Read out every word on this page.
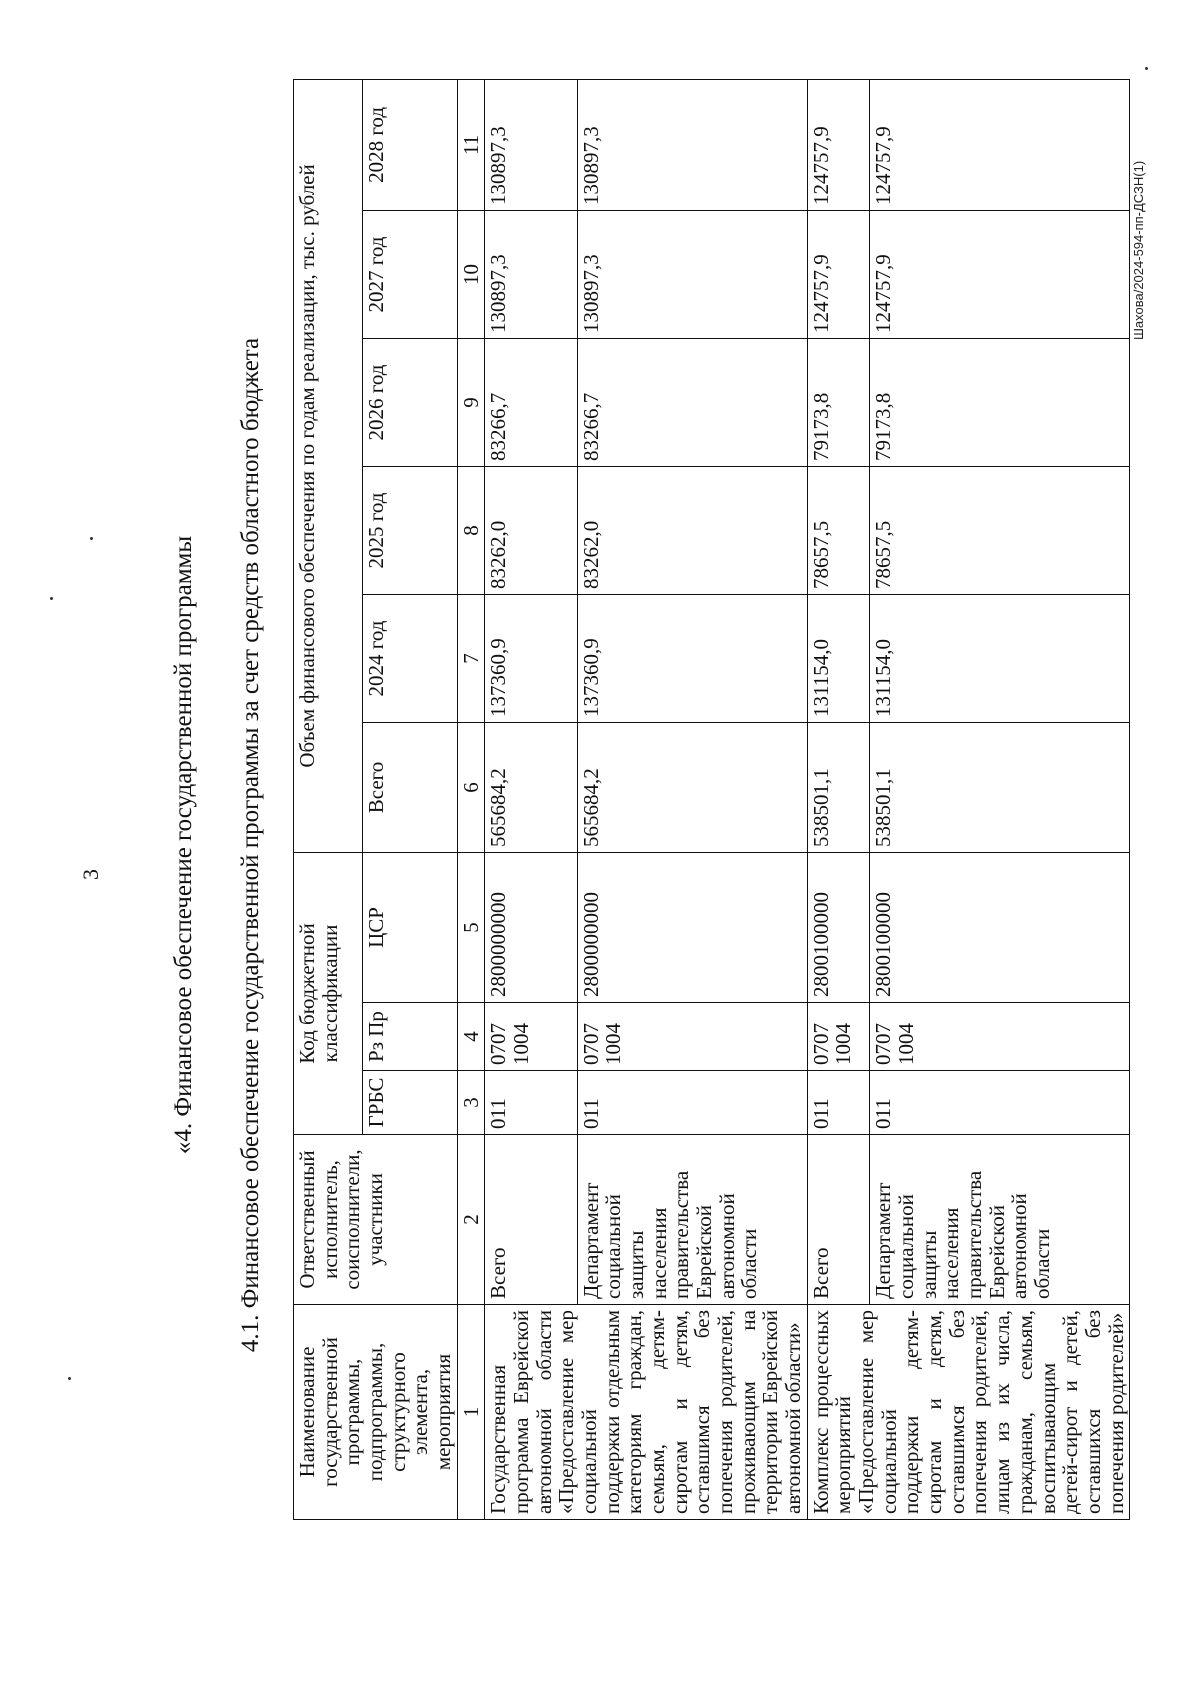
3	«4. Финансовое обеспечение государственной программы 4.1. Финансовое обеспечение государственной программы за счет средств областного бюджета
Наименование государственной программы, подпрограммы, структурного элемента, мероприятия	Ответственный исполнитель, соисполнители, участники	Код бюджетной классификации			Объем финансового обеспечения по годам реализации, тыс. рублей					
		ГРБС	Рз Пр	ЦСР	Всего	2024 год	2025 год	2026 год	2027 год	2028 год
1	2	3	4	5	6	7	8	9	10	11
Государственная программа Еврейской автономной области «Предоставление мер социальной поддержки отдельным категориям граждан, семьям, детям-сиротам и детям, оставшимся без попечения родителей, проживающим на территории Еврейской автономной области»	Всего	011	0707 1004	2800000000	565684,2	137360,9	83262,0	83266,7	130897,3	130897,3
	Департамент социальной защиты населения правительства Еврейской автономной области	011	0707 1004	2800000000	565684,2	137360,9	83262,0	83266,7	130897,3	130897,3
Комплекс процессных мероприятий «Предоставление мер социальной поддержки детям-сиротам и детям, оставшимся без попечения родителей, лицам из их числа, гражданам, семьям, воспитывающим детей-сирот и детей, оставшихся без попечения родителей»	Всего	011	0707 1004	2800100000	538501,1	131154,0	78657,5	79173,8	124757,9	124757,9
	Департамент социальной защиты населения правительства Еврейской автономной области	011	0707 1004	2800100000	538501,1	131154,0	78657,5	79173,8	124757,9	124757,9	Шахова/2024-594-пп-ДСЗН(1)
